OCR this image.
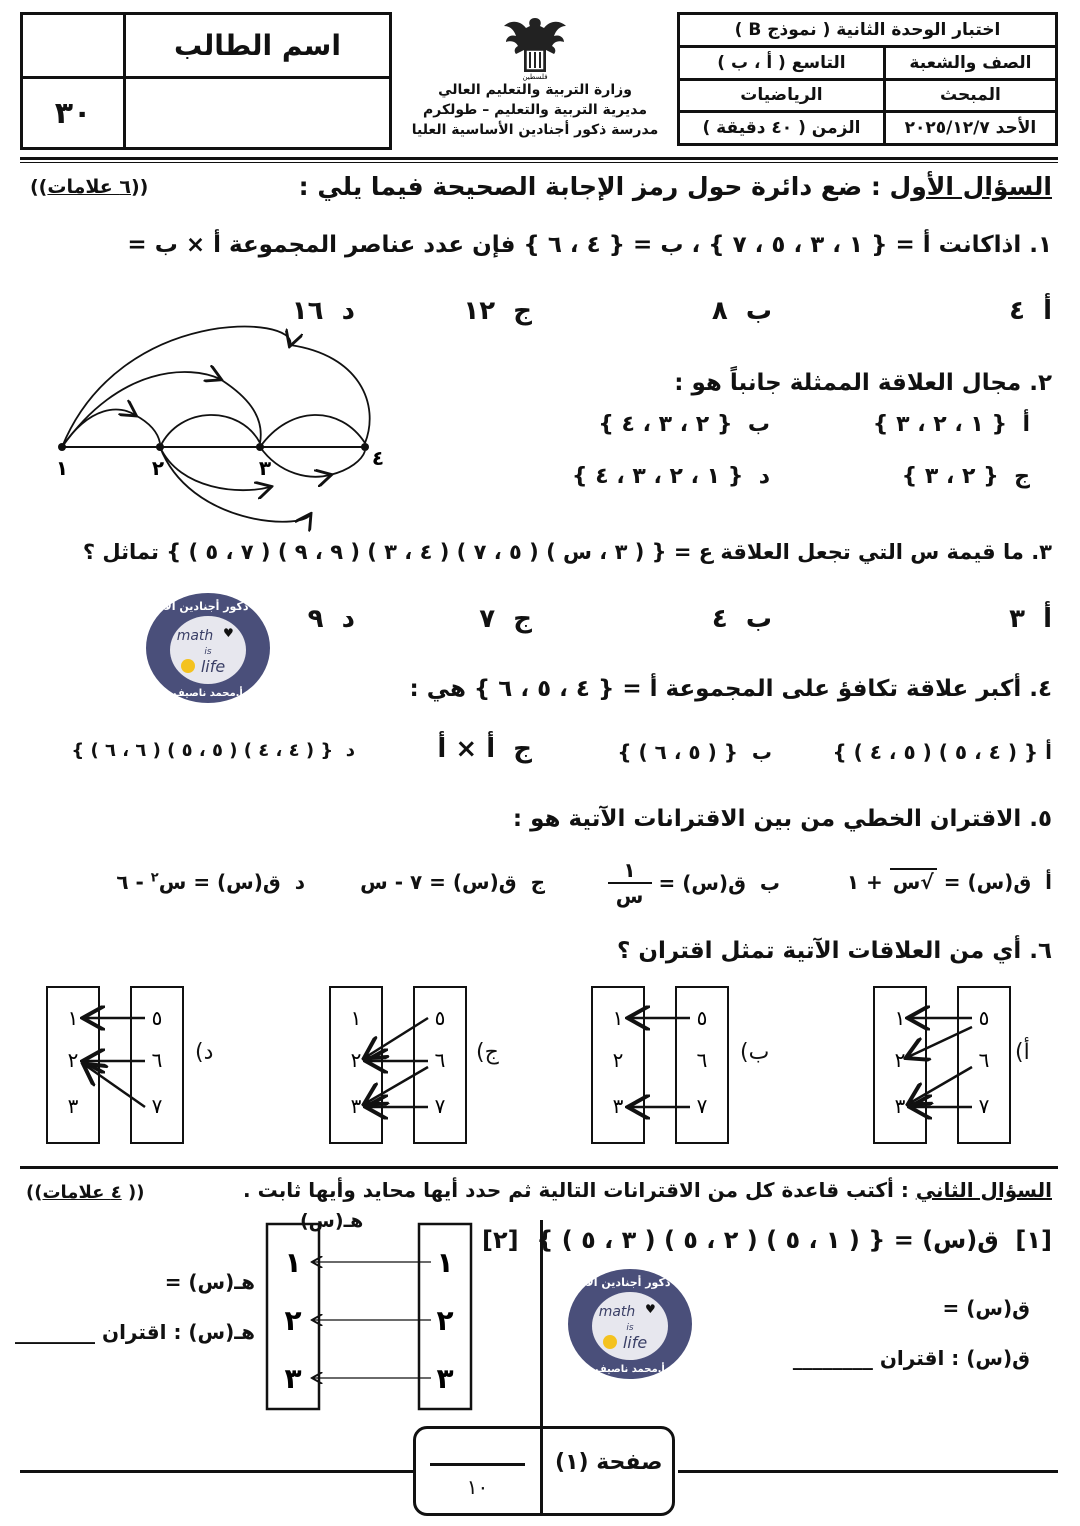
	اسم الطالب
٣٠	
فلسطين
وزارة التربية والتعليم العالي
مديرية التربية والتعليم – طولكرم
مدرسة ذكور أجنادين الأساسية العليا
اختبار الوحدة الثانية ( نموذج B )	
الصف والشعبة	التاسع ( أ ، ب )
المبحث	الرياضيات
الأحد ٢٠٢٥/١٢/٧	الزمن ( ٤٠ دقيقة )
السؤال الأول : ضع دائرة حول رمز الإجابة الصحيحة فيما يلي :
((٦ علامات))
١. اذاكانت أ = { ١ ، ٣ ، ٥ ، ٧ } ، ب = { ٤ ، ٦ } فإن عدد عناصر المجموعة أ × ب =
أ  ٤
ب  ٨
ج  ١٢
د  ١٦
٢. مجال العلاقة الممثلة جانباً هو :
أ  { ١ ، ٢ ، ٣ }
ب  { ٢ ، ٣ ، ٤ }
ج  { ٢ ، ٣ }
د  { ١ ، ٢ ، ٣ ، ٤ }
١	٢	٣	٤
٣. ما قيمة س التي تجعل العلاقة ع = { ( ٣ ، س ) ( ٥ ، ٧ ) ( ٤ ، ٣ ) ( ٩ ، ٩ ) ( ٧ ، ٥ ) } تماثل ؟
أ  ٣
ب  ٤
ج  ٧
د  ٩
مدرسة ذكور أجنادين الأساسية
math ♥
is
life
أ.محمد ناصيف	٤. أكبر علاقة تكافؤ على المجموعة أ = { ٤ ، ٥ ، ٦ } هي :
أ { ( ٤ ، ٥ ) ( ٥ ، ٤ ) }
ب  { ( ٥ ، ٦ ) }
ج  أ × أ
د  { ( ٤ ، ٤ ) ( ٥ ، ٥ ) ( ٦ ، ٦ ) }
٥. الاقتران الخطي من بين الاقترانات الآتية هو :
أ  ق(س) = √س + ١
ب  ق(س) =
١
س
ج  ق(س) = ٧ - س
د  ق(س) = س$^٢$ - ٦
٦. أي من العلاقات الآتية تمثل اقتران ؟
أ)
١
٢
٣
٥
٦
٧
ب)
١
٢
٣
٥
٦
٧
ج)
١
٢
٣
٥
٦
٧
د)
١
٢
٣
٥
٦
٧
السؤال الثاني : أكتب قاعدة كل من الاقترانات التالية ثم حدد أيها محايد وأيها ثابت .
(( ٤ علامات))
[١]  ق(س) = { ( ١ ، ٥ ) ( ٢ ، ٥ ) ( ٣ ، ٥ ) }
ق(س) =
ق(س) : اقتران ________
مدرسة ذكور أجنادين الأساسية
math ♥
is
life
أ.محمد ناصيف
[٢]
هـ(س)
١
٢
٣
١
٢
٣
هـ(س) =
هـ(س) : اقتران ________
صفحة (١)
١٠
